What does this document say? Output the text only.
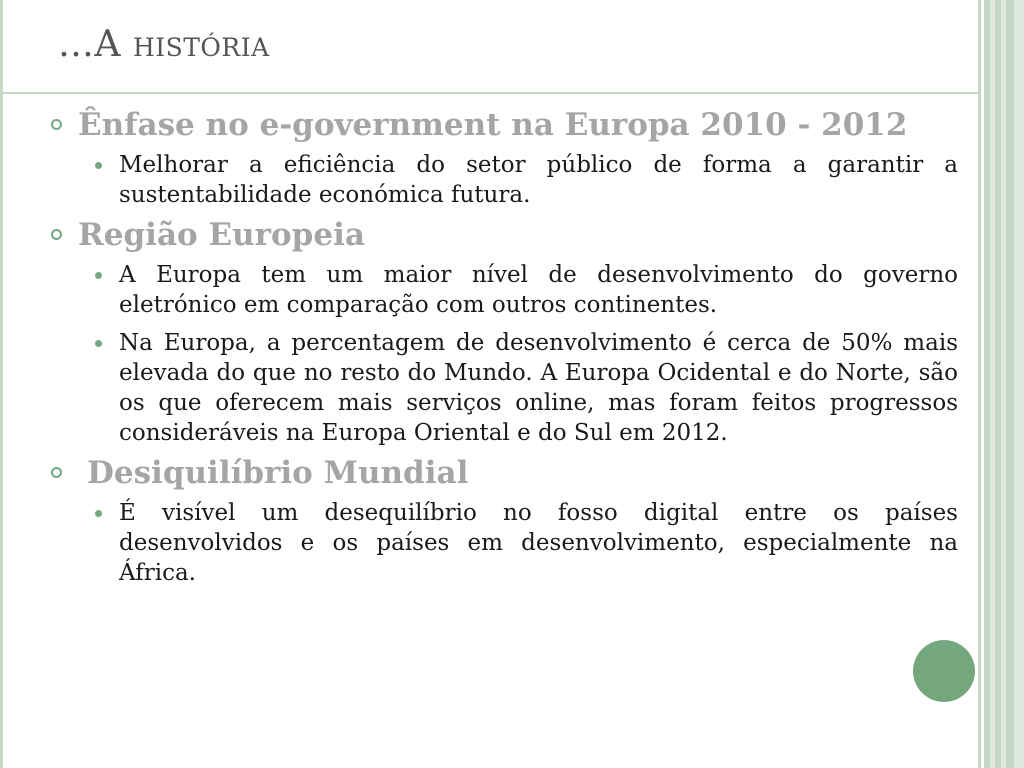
…A história
Ênfase no e-government na Europa 2010 - 2012
Melhorar a eficiência do setor público de forma a garantir a sustentabilidade económica futura.
Região Europeia
A Europa tem um maior nível de desenvolvimento do governo eletrónico em comparação com outros continentes.
Na Europa, a percentagem de desenvolvimento é cerca de 50% mais elevada do que no resto do Mundo. A Europa Ocidental e do Norte, são os que oferecem mais serviços online, mas foram feitos progressos consideráveis na Europa Oriental e do Sul em 2012.
Desiquilíbrio Mundial
É visível um desequilíbrio no fosso digital entre os países desenvolvidos e os países em desenvolvimento, especialmente na África.
